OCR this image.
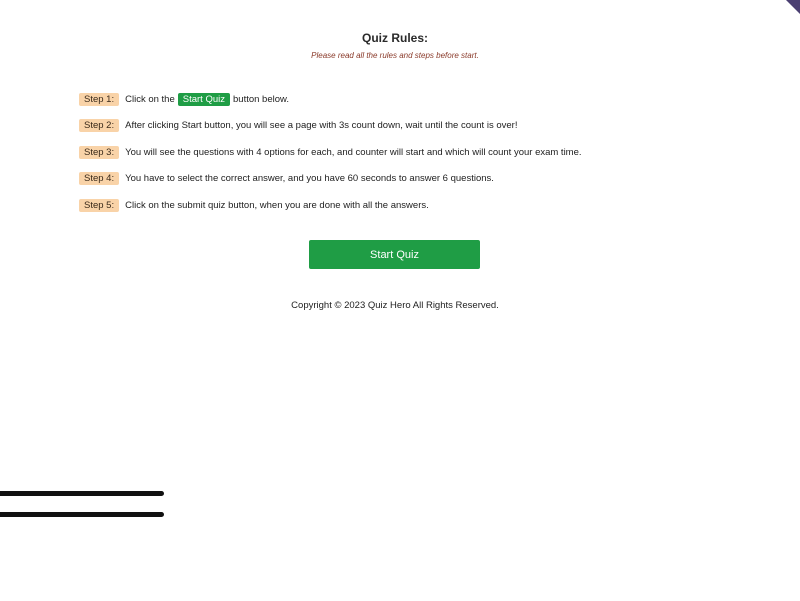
Quiz Rules:

Please read all the rules and steps before start.

Step 1:	Click on the Start Quiz button below.
Step 2:	After clicking Start button, you will see a page with 3s count down, wait until the count is over!
Step 3:	You will see the questions with 4 options for each, and counter will start and which will count your exam time.
Step 4:	You have to select the correct answer, and you have 60 seconds to answer 6 questions.
Step 5:	Click on the submit quiz button, when you are done with all the answers.
Start Quiz

Copyright © 2023 Quiz Hero All Rights Reserved.
